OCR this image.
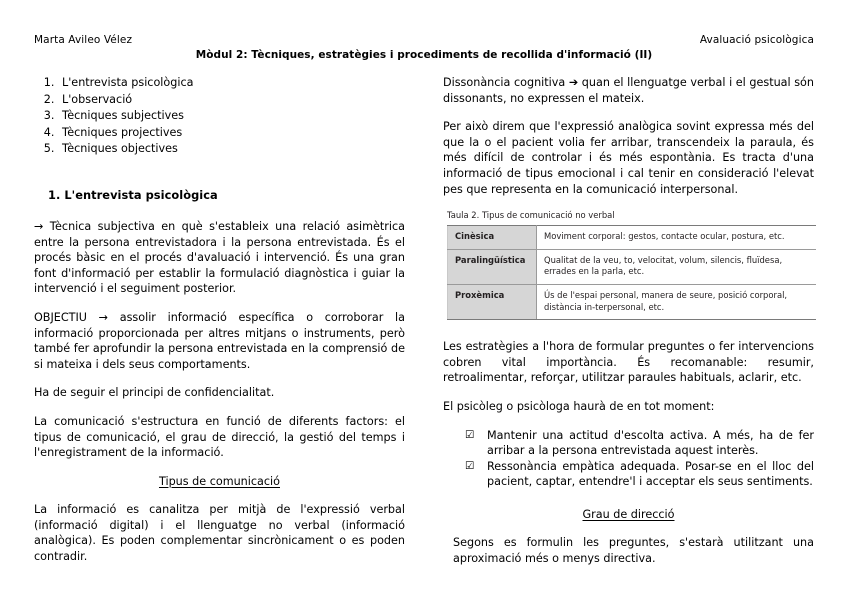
Marta Avileo Vélez	Avaluació psicològica
Mòdul 2: Tècniques, estratègies i procediments de recollida d'informació (II)
1. L'entrevista psicològica
2. L'observació
3. Tècniques subjectives
4. Tècniques projectives
5. Tècniques objectives
1. L'entrevista psicològica

→ Tècnica subjectiva en què s'estableix una relació asimètrica entre la persona entrevistadora i la persona entrevistada. És el procés bàsic en el procés d'avaluació i intervenció. És una gran font d'informació per establir la formulació diagnòstica i guiar la intervenció i el seguiment posterior.

OBJECTIU → assolir informació específica o corroborar la informació proporcionada per altres mitjans o instruments, però també fer aprofundir la persona entrevistada en la comprensió de si mateixa i dels seus comportaments.

Ha de seguir el principi de confidencialitat.

La comunicació s'estructura en funció de diferents factors: el tipus de comunicació, el grau de direcció, la gestió del temps i l'enregistrament de la informació.

Tipus de comunicació

La informació es canalitza per mitjà de l'expressió verbal (informació digital) i el llenguatge no verbal (informació analògica). Es poden complementar sincrònicament o es poden contradir.

Dissonància cognitiva ➔ quan el llenguatge verbal i el gestual són dissonants, no expressen el mateix.

Per això direm que l'expressió analògica sovint expressa més del que la o el pacient volia fer arribar, transcendeix la paraula, és més difícil de controlar i és més espontània. Es tracta d'una informació de tipus emocional i cal tenir en consideració l'elevat pes que representa en la comunicació interpersonal.

Taula 2. Tipus de comunicació no verbal
Cinèsica	Moviment corporal: gestos, contacte ocular, postura, etc.
Paralingüística	Qualitat de la veu, to, velocitat, volum, silencis, fluïdesa, errades en la parla, etc.
Proxèmica	Ús de l'espai personal, manera de seure, posició corporal, distància in-terpersonal, etc.

Les estratègies a l'hora de formular preguntes o fer intervencions cobren vital importància. És recomanable: resumir, retroalimentar, reforçar, utilitzar paraules habituals, aclarir, etc.

El psicòleg o psicòloga haurà de en tot moment:

☑ Mantenir una actitud d'escolta activa. A més, ha de fer arribar a la persona entrevistada aquest interès.
☑ Ressonància empàtica adequada. Posar-se en el lloc del pacient, captar, entendre'l i acceptar els seus sentiments.
Grau de direcció

Segons es formulin les preguntes, s'estarà utilitzant una aproximació més o menys directiva.
